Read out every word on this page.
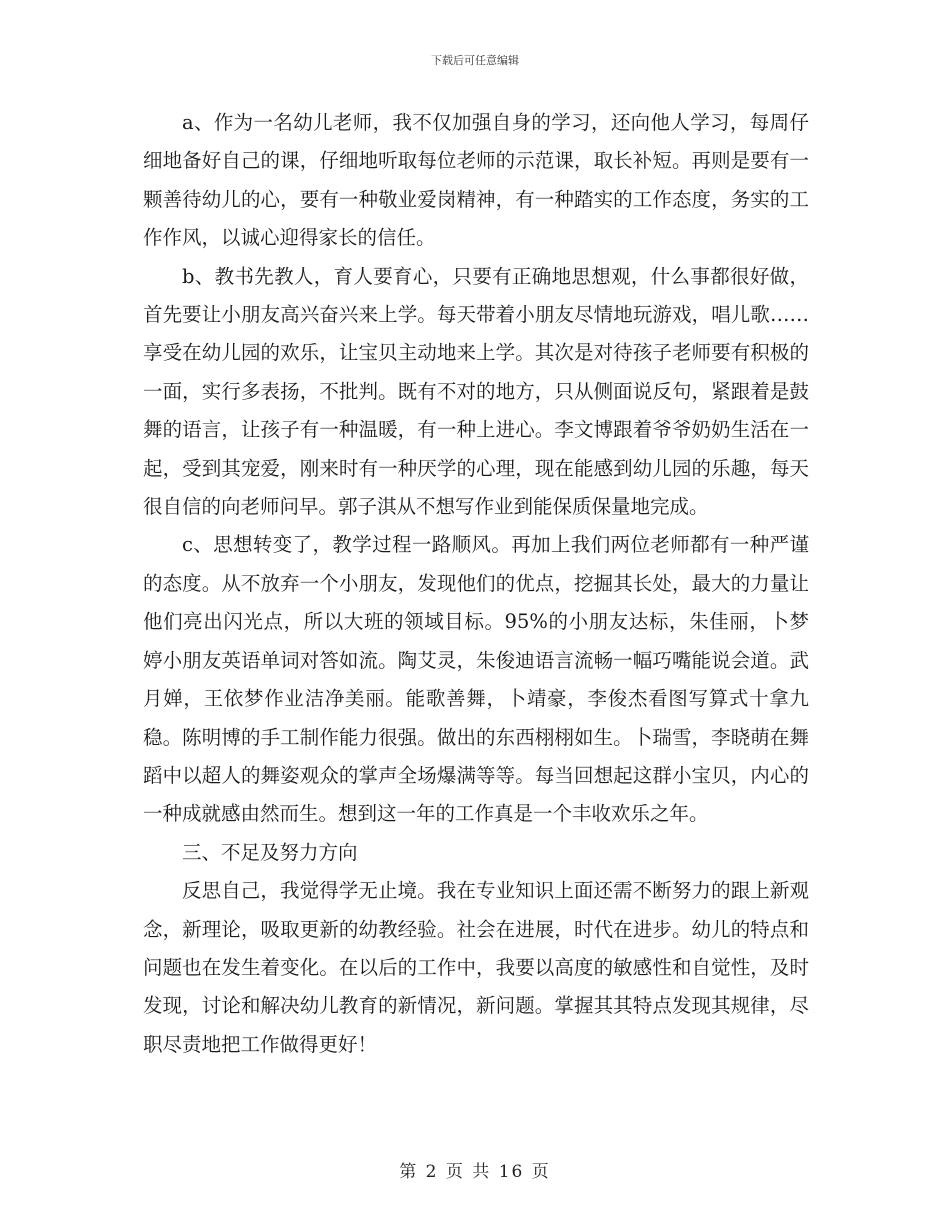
下载后可任意编辑

a、作为一名幼儿老师，我不仅加强自身的学习，还向他人学习，每周仔细地备好自己的课，仔细地听取每位老师的示范课，取长补短。再则是要有一颗善待幼儿的心，要有一种敬业爱岗精神，有一种踏实的工作态度，务实的工作作风，以诚心迎得家长的信任。

b、教书先教人，育人要育心，只要有正确地思想观，什么事都很好做，首先要让小朋友高兴奋兴来上学。每天带着小朋友尽情地玩游戏，唱儿歌……享受在幼儿园的欢乐，让宝贝主动地来上学。其次是对待孩子老师要有积极的一面，实行多表扬，不批判。既有不对的地方，只从侧面说反句，紧跟着是鼓舞的语言，让孩子有一种温暖，有一种上进心。李文博跟着爷爷奶奶生活在一起，受到其宠爱，刚来时有一种厌学的心理，现在能感到幼儿园的乐趣，每天很自信的向老师问早。郭子淇从不想写作业到能保质保量地完成。

c、思想转变了，教学过程一路顺风。再加上我们两位老师都有一种严谨的态度。从不放弃一个小朋友，发现他们的优点，挖掘其长处，最大的力量让他们亮出闪光点，所以大班的领域目标。95%的小朋友达标，朱佳丽，卜梦婷小朋友英语单词对答如流。陶艾灵，朱俊迪语言流畅一幅巧嘴能说会道。武月婵，王依梦作业洁净美丽。能歌善舞，卜靖豪，李俊杰看图写算式十拿九稳。陈明博的手工制作能力很强。做出的东西栩栩如生。卜瑞雪，李晓萌在舞蹈中以超人的舞姿观众的掌声全场爆满等等。每当回想起这群小宝贝，内心的一种成就感由然而生。想到这一年的工作真是一个丰收欢乐之年。

三、不足及努力方向

反思自己，我觉得学无止境。我在专业知识上面还需不断努力的跟上新观念，新理论，吸取更新的幼教经验。社会在进展，时代在进步。幼儿的特点和问题也在发生着变化。在以后的工作中，我要以高度的敏感性和自觉性，及时发现，讨论和解决幼儿教育的新情况，新问题。掌握其其特点发现其规律，尽职尽责地把工作做得更好！

第 2 页 共 16 页
